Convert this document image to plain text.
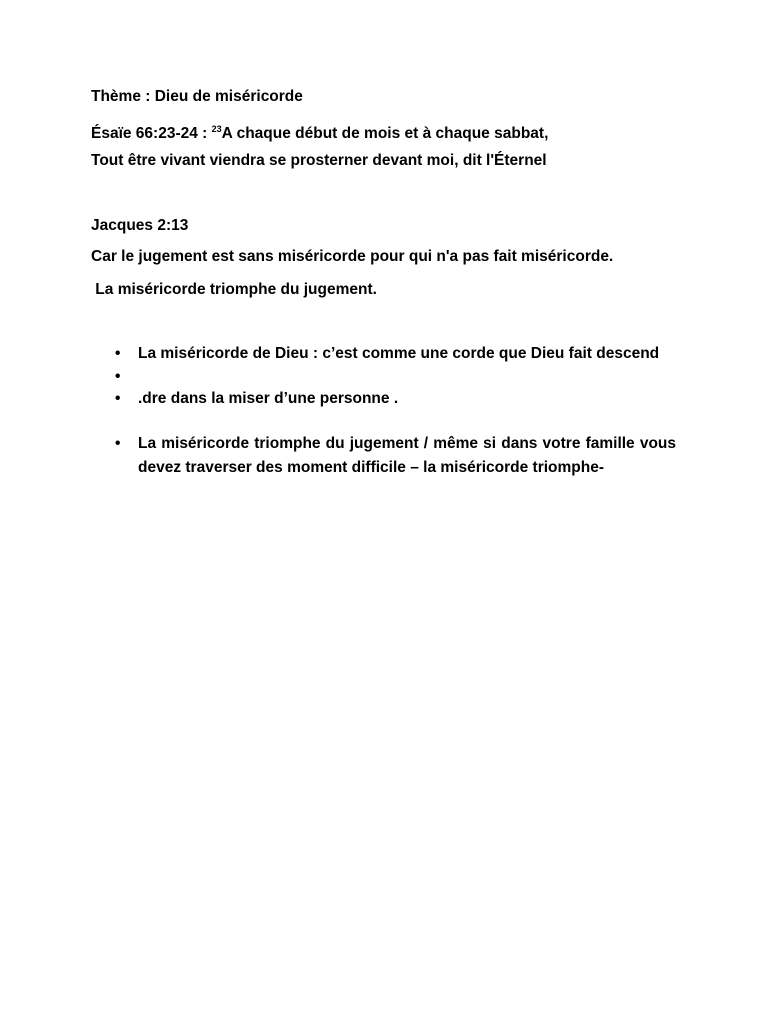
Thème : Dieu de miséricorde
Ésaïe 66:23-24 : $^{23}$A chaque début de mois et à chaque sabbat,
Tout être vivant viendra se prosterner devant moi, dit l'Éternel
Jacques 2:13
Car le jugement est sans miséricorde pour qui n'a pas fait miséricorde.
La miséricorde triomphe du jugement.
•	La miséricorde de Dieu : c’est comme une corde que Dieu fait descend
•
•	.dre dans la miser d’une personne .
•	La miséricorde triomphe du jugement / même si dans votre famille vous devez traverser des moment difficile – la miséricorde triomphe-
